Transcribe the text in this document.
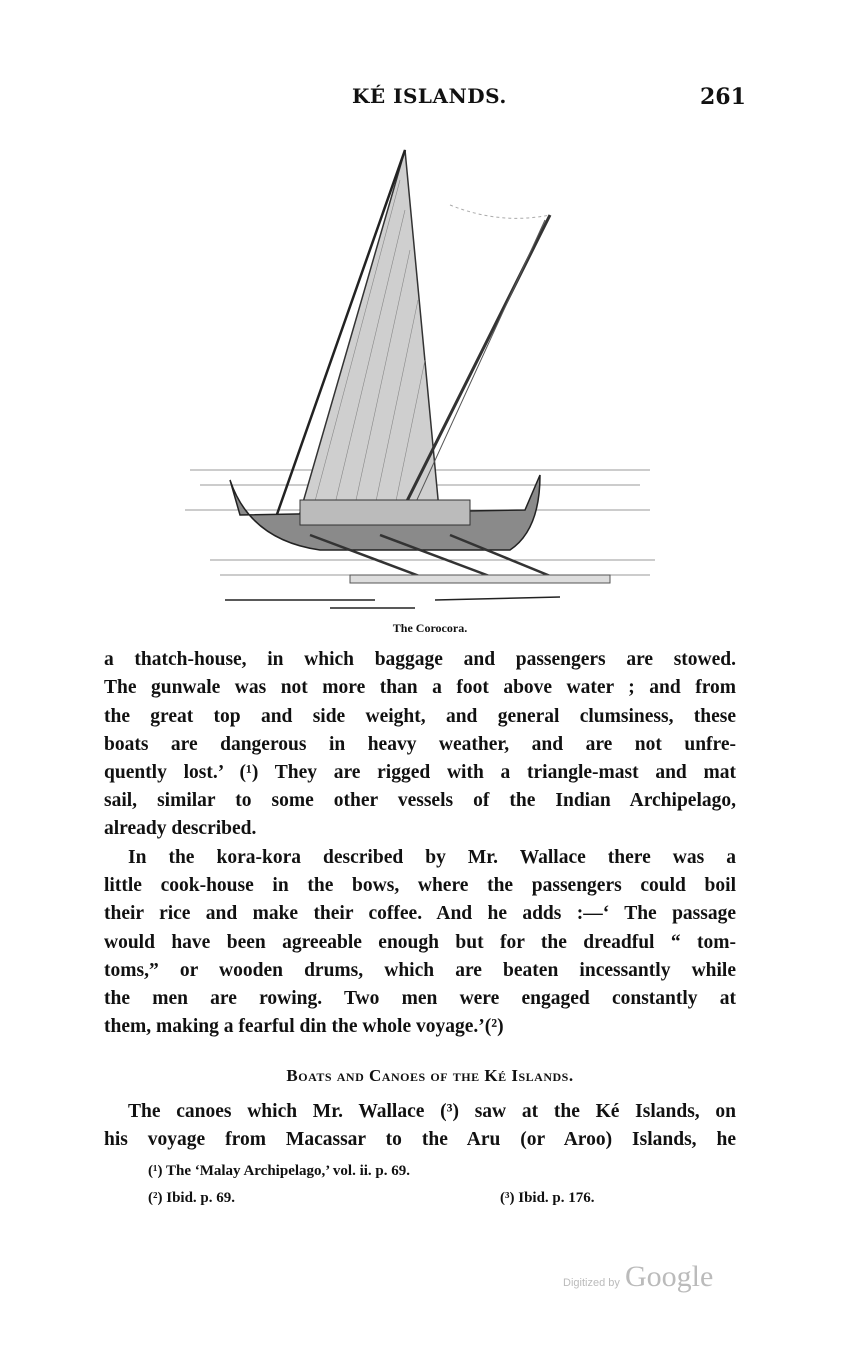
KÉ ISLANDS.	261
The Corocora.
a thatch-house, in which baggage and passengers are stowed.
The gunwale was not more than a foot above water ; and from
the great top and side weight, and general clumsiness, these
boats are dangerous in heavy weather, and are not unfre-
quently lost.’ (¹) They are rigged with a triangle-mast and mat
sail, similar to some other vessels of the Indian Archipelago,
already described.
In the kora-kora described by Mr. Wallace there was a
little cook-house in the bows, where the passengers could boil
their rice and make their coffee. And he adds :—‘ The passage
would have been agreeable enough but for the dreadful “ tom-
toms,” or wooden drums, which are beaten incessantly while
the men are rowing. Two men were engaged constantly at
them, making a fearful din the whole voyage.’(²)
Boats and Canoes of the Ké Islands.
The canoes which Mr. Wallace (³) saw at the Ké Islands, on
his voyage from Macassar to the Aru (or Aroo) Islands, he
(¹) The ‘Malay Archipelago,’ vol. ii. p. 69.
(²) Ibid. p. 69.	(³) Ibid. p. 176.
Digitized by Google
